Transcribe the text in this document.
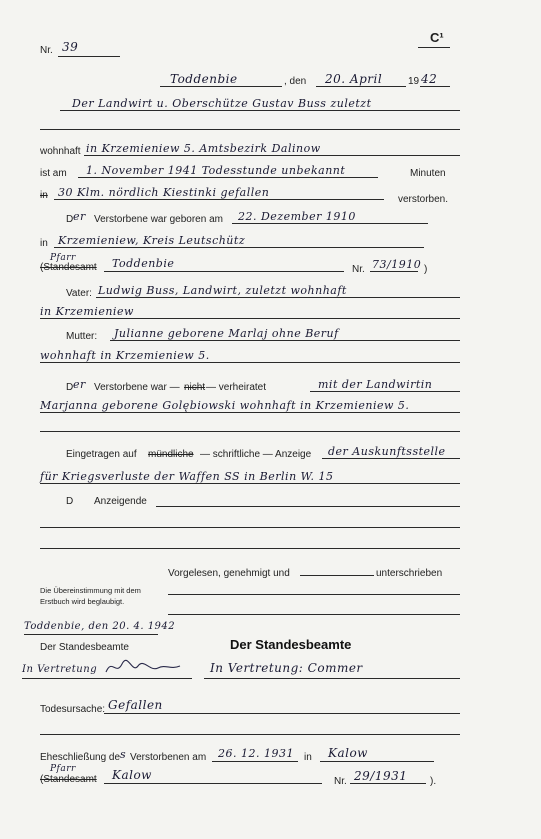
C¹
Nr. 39
Toddenbie	, den 20. April	19 42
Der Landwirt u. Oberschütze Gustav Buss zuletzt
wohnhaft in Krzemieniew 5. Amtsbezirk Dalinow
ist am 1. November 1941 Todesstunde unbekannt	Minuten
in 30 Klm. nördlich Kiestinki gefallen
verstorben.
D er Verstorbene war geboren am 22. Dezember 1910
in Krzemieniew, Kreis Leutschütz
Pfarr
(Standesamt Toddenbie	Nr. 73/1910 )
Vater: Ludwig Buss, Landwirt, zuletzt wohnhaft
in Krzemieniew
Mutter: Julianne geborene Marlaj ohne Beruf
wohnhaft in Krzemieniew 5.
D er Verstorbene war — nicht — verheiratet	mit der Landwirtin
Marjanna geborene Golębiowski wohnhaft in Krzemieniew 5.
Eingetragen auf mündliche — schriftliche — Anzeige der Auskunftsstelle
für Kriegsverluste der Waffen SS in Berlin W. 15
D Anzeigende
Vorgelesen, genehmigt und	unterschrieben
Die Übereinstimmung mit dem
Erstbuch wird beglaubigt.
Toddenbie, den 20. 4. 1942
Der Standesbeamte	Der Standesbeamte
In Vertretung	In Vertretung: Commer
Todesursache: Gefallen
Eheschließung de s Verstorbenen am 26. 12. 1931 in Kalow
Pfarr
(Standesamt Kalow	Nr. 29/1931 ).
